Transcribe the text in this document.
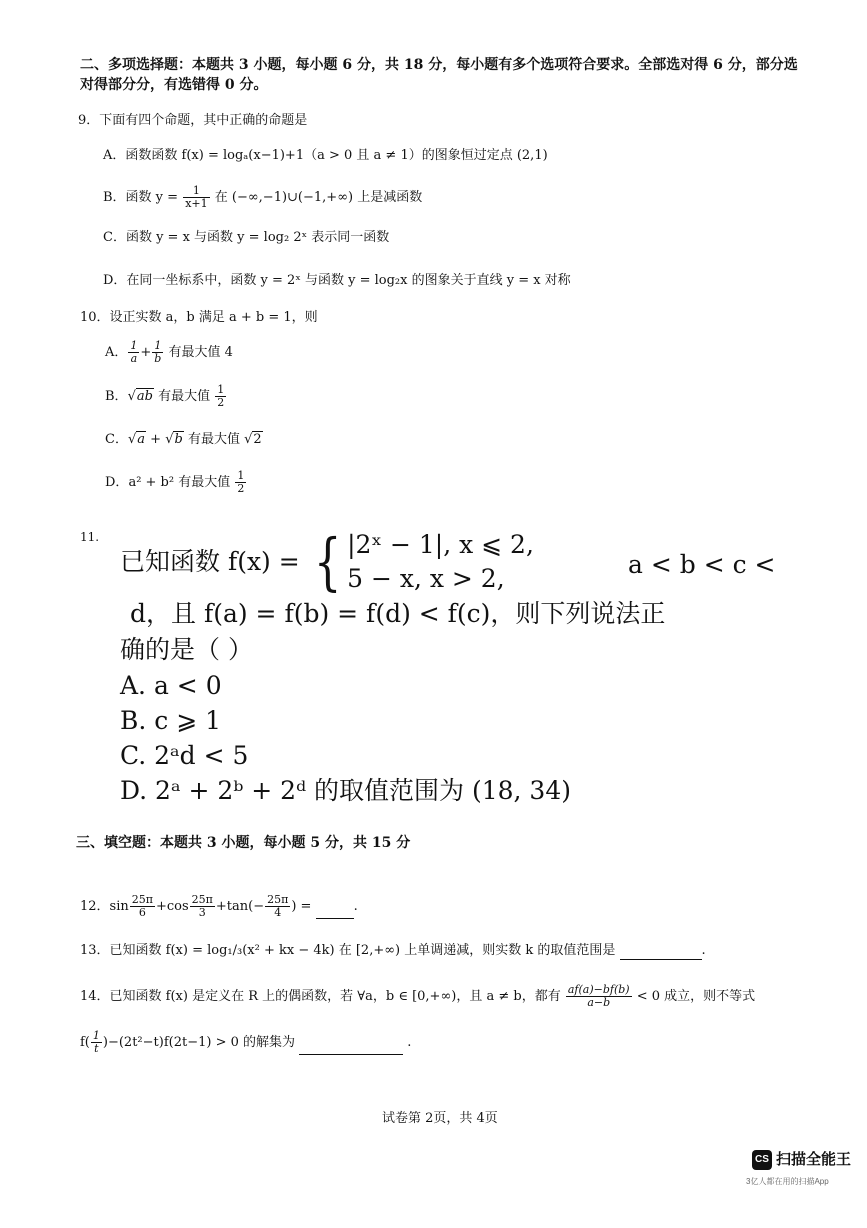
二、多项选择题：本题共 3 小题，每小题 6 分，共 18 分，每小题有多个选项符合要求。全部选对得 6 分，部分选
对得部分分，有选错得 0 分。
9．下面有四个命题，其中正确的命题是
A．函数函数 f(x) = logₐ(x−1)+1（a > 0 且 a ≠ 1）的图象恒过定点 (2,1)
B．函数 $y = \frac{1}{x+1}$ 在 (−∞,−1)∪(−1,+∞) 上是减函数
C．函数 y = x 与函数 y = log₂ 2ˣ 表示同一函数
D．在同一坐标系中，函数 y = 2ˣ 与函数 y = log₂x 的图象关于直线 y = x 对称
10．设正实数 a，b 满足 a + b = 1，则
A． $\frac{1}{a} + \frac{1}{b}$ 有最大值 4
B．√ab 有最大值 $\frac{1}{2}$
C．√a + √b 有最大值 √2
D．a² + b² 有最大值 $\frac{1}{2}$
11.
已知函数 f(x) = { |2ˣ − 1|, x ⩽ 2,
5 − x, x > 2,	a < b < c <
d，且 f(a) = f(b) = f(d) < f(c)，则下列说法正
确的是（ ）
A. a < 0
B. c ⩾ 1
C. 2ᵃd < 5
D. 2ᵃ + 2ᵇ + 2ᵈ 的取值范围为 (18, 34)
三、填空题：本题共 3 小题，每小题 5 分，共 15 分
12．$\sin \frac{25\pi}{6} +\cos \frac{25\pi}{3} +\tan(- \frac{25\pi}{4}$ ) =	.
13．已知函数 f(x) = log₁/₃(x² + kx − 4k) 在 [2,+∞) 上单调递减，则实数 k 的取值范围是	.
14．已知函数 f(x) 是定义在 R 上的偶函数，若 ∀a，b ∈ [0,+∞)，且 a ≠ b，都有 $\frac{af(a)-bf(b)}{a-b} < 0$ 成立，则不等式
$f( \frac{1}{t} )-(2t^2-t)f(2t-1) > 0$ 的解集为	.
试卷第 2页，共 4页
CS 扫描全能王
3亿人都在用的扫描App
